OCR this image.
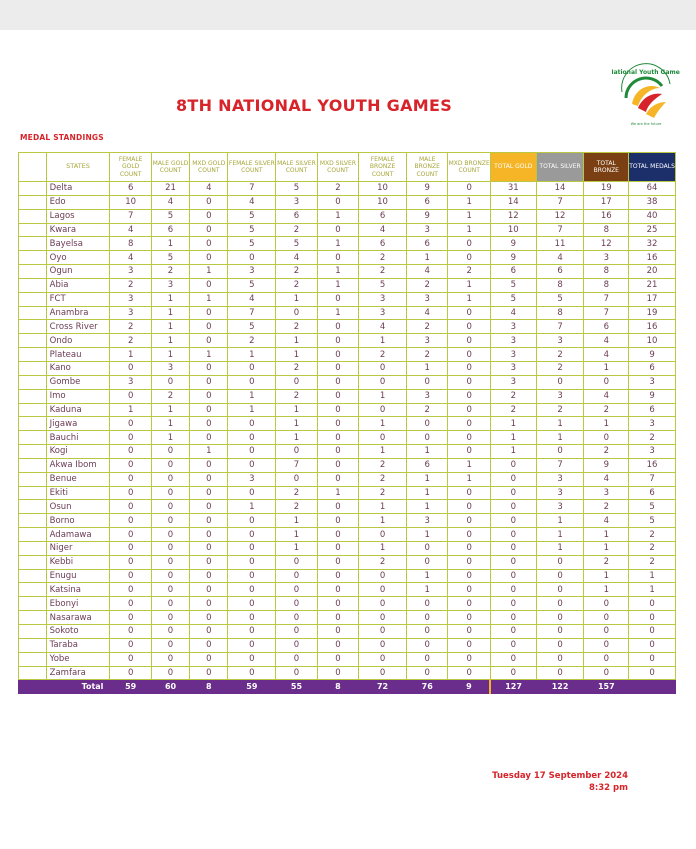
National Youth Games
We are the future
8TH NATIONAL YOUTH GAMES
MEDAL STANDINGS
	STATES	FEMALE GOLD COUNT	MALE GOLD COUNT	MXD GOLD COUNT	FEMALE SILVER COUNT	MALE SILVER COUNT	MXD SILVER COUNT	FEMALE BRONZE COUNT	MALE BRONZE COUNT	MXD BRONZE COUNT	TOTAL GOLD	TOTAL SILVER	TOTAL BRONZE	TOTAL MEDALS
	Delta	6	21	4	7	5	2	10	9	0	31	14	19	64
	Edo	10	4	0	4	3	0	10	6	1	14	7	17	38
	Lagos	7	5	0	5	6	1	6	9	1	12	12	16	40
	Kwara	4	6	0	5	2	0	4	3	1	10	7	8	25
	Bayelsa	8	1	0	5	5	1	6	6	0	9	11	12	32
	Oyo	4	5	0	0	4	0	2	1	0	9	4	3	16
	Ogun	3	2	1	3	2	1	2	4	2	6	6	8	20
	Abia	2	3	0	5	2	1	5	2	1	5	8	8	21
	FCT	3	1	1	4	1	0	3	3	1	5	5	7	17
	Anambra	3	1	0	7	0	1	3	4	0	4	8	7	19
	Cross River	2	1	0	5	2	0	4	2	0	3	7	6	16
	Ondo	2	1	0	2	1	0	1	3	0	3	3	4	10
	Plateau	1	1	1	1	1	0	2	2	0	3	2	4	9
	Kano	0	3	0	0	2	0	0	1	0	3	2	1	6
	Gombe	3	0	0	0	0	0	0	0	0	3	0	0	3
	Imo	0	2	0	1	2	0	1	3	0	2	3	4	9
	Kaduna	1	1	0	1	1	0	0	2	0	2	2	2	6
	Jigawa	0	1	0	0	1	0	1	0	0	1	1	1	3
	Bauchi	0	1	0	0	1	0	0	0	0	1	1	0	2
	Kogi	0	0	1	0	0	0	1	1	0	1	0	2	3
	Akwa Ibom	0	0	0	0	7	0	2	6	1	0	7	9	16
	Benue	0	0	0	3	0	0	2	1	1	0	3	4	7
	Ekiti	0	0	0	0	2	1	2	1	0	0	3	3	6
	Osun	0	0	0	1	2	0	1	1	0	0	3	2	5
	Borno	0	0	0	0	1	0	1	3	0	0	1	4	5
	Adamawa	0	0	0	0	1	0	0	1	0	0	1	1	2
	Niger	0	0	0	0	1	0	1	0	0	0	1	1	2
	Kebbi	0	0	0	0	0	0	2	0	0	0	0	2	2
	Enugu	0	0	0	0	0	0	0	1	0	0	0	1	1
	Katsina	0	0	0	0	0	0	0	1	0	0	0	1	1
	Ebonyi	0	0	0	0	0	0	0	0	0	0	0	0	0
	Nasarawa	0	0	0	0	0	0	0	0	0	0	0	0	0
	Sokoto	0	0	0	0	0	0	0	0	0	0	0	0	0
	Taraba	0	0	0	0	0	0	0	0	0	0	0	0	0
	Yobe	0	0	0	0	0	0	0	0	0	0	0	0	0
	Zamfara	0	0	0	0	0	0	0	0	0	0	0	0	0
	Total	59	60	8	59	55	8	72	76	9	127	122	157	
Tuesday 17 September 2024
8:32 pm
